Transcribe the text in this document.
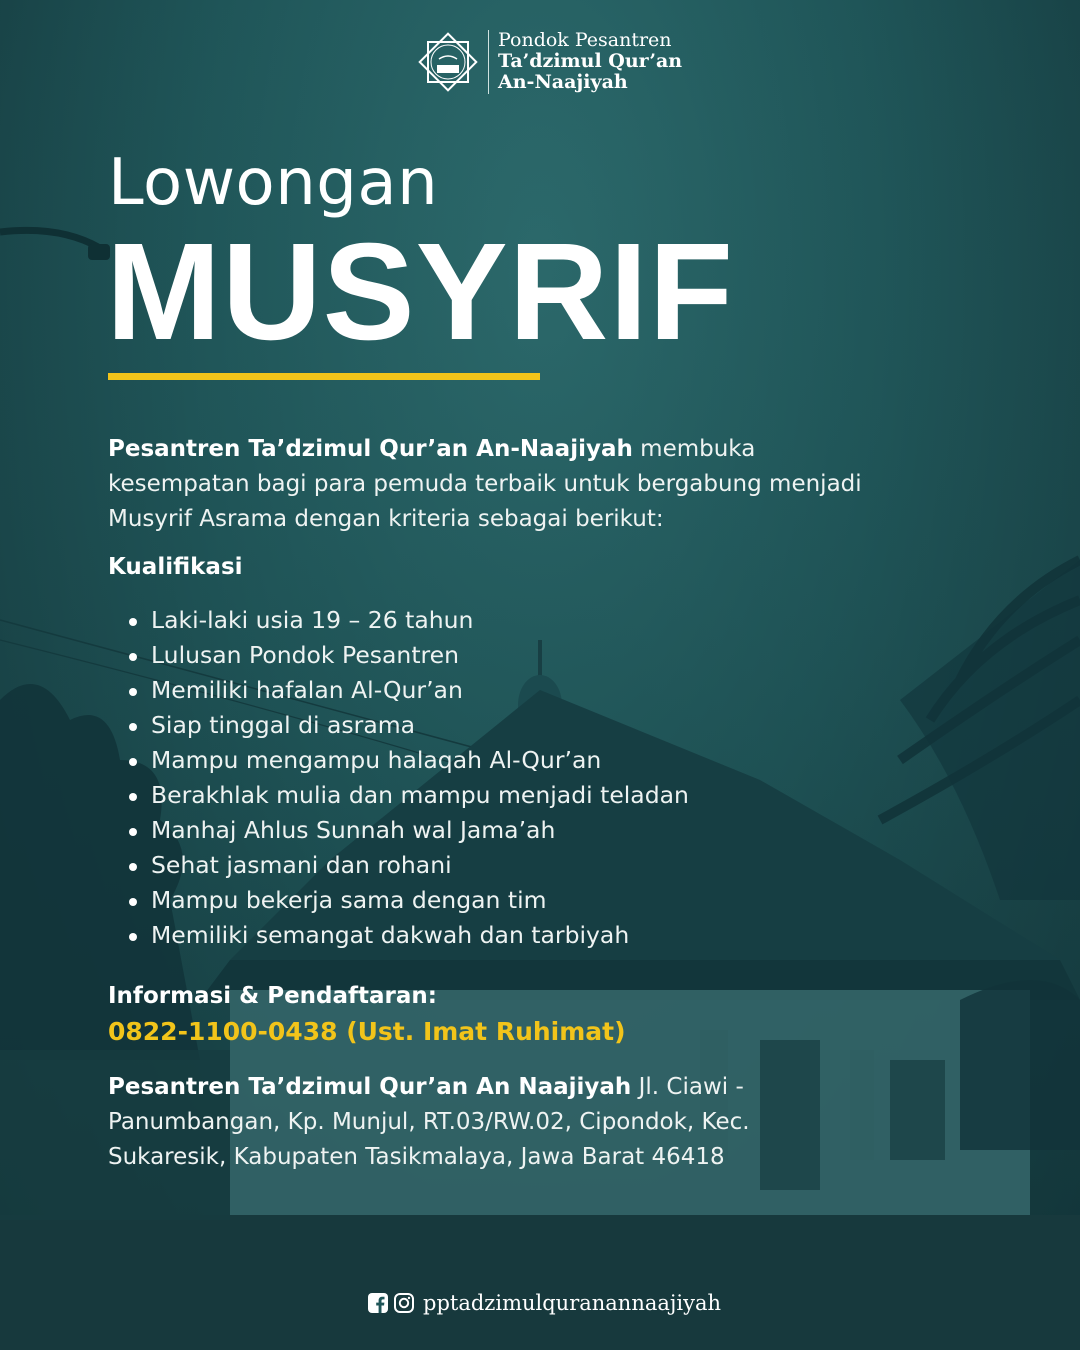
Pondok Pesantren
Ta’dzimul Qur’an
An-Naajiyah
Lowongan
MUSYRIF
Pesantren Ta’dzimul Qur’an An-Naajiyah membuka kesempatan bagi para pemuda terbaik untuk bergabung menjadi Musyrif Asrama dengan kriteria sebagai berikut:
Kualifikasi
Laki-laki usia 19 – 26 tahun
Lulusan Pondok Pesantren
Memiliki hafalan Al-Qur’an
Siap tinggal di asrama
Mampu mengampu halaqah Al-Qur’an
Berakhlak mulia dan mampu menjadi teladan
Manhaj Ahlus Sunnah wal Jama’ah
Sehat jasmani dan rohani
Mampu bekerja sama dengan tim
Memiliki semangat dakwah dan tarbiyah
Informasi & Pendaftaran:
0822-1100-0438 (Ust. Imat Ruhimat)
Pesantren Ta’dzimul Qur’an An Naajiyah Jl. Ciawi - Panumbangan, Kp. Munjul, RT.03/RW.02, Cipondok, Kec. Sukaresik, Kabupaten Tasikmalaya, Jawa Barat 46418
pptadzimulquranannaajiyah
